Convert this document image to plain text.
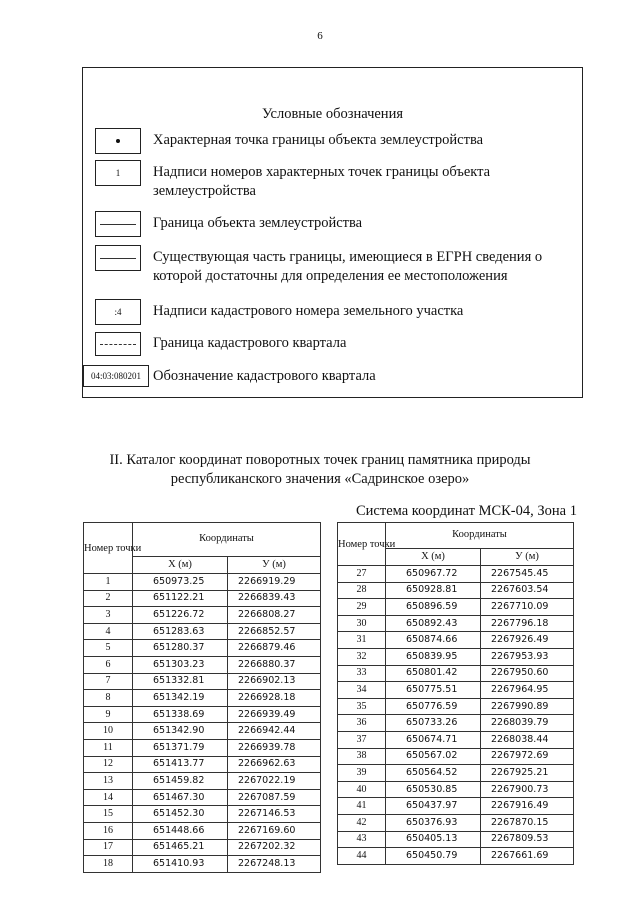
6
Условные обозначения
Характерная точка границы объекта землеустройства
1	Надписи номеров характерных точек границы объекта землеустройства
Граница объекта землеустройства
Существующая часть границы, имеющиеся в ЕГРН сведения о которой достаточны для определения ее местоположения
:4	Надписи кадастрового номера земельного участка
Граница кадастрового квартала
04:03:080201 Обозначение кадастрового квартала
II. Каталог координат поворотных точек границ памятника природы республиканского значения «Садринское озеро»
Система координат МСК-04, Зона 1
Номер точки	Координаты	
	X (м)	У (м)
1	650973.25	2266919.29
2	651122.21	2266839.43
3	651226.72	2266808.27
4	651283.63	2266852.57
5	651280.37	2266879.46
6	651303.23	2266880.37
7	651332.81	2266902.13
8	651342.19	2266928.18
9	651338.69	2266939.49
10	651342.90	2266942.44
11	651371.79	2266939.78
12	651413.77	2266962.63
13	651459.82	2267022.19
14	651467.30	2267087.59
15	651452.30	2267146.53
16	651448.66	2267169.60
17	651465.21	2267202.32
18	651410.93	2267248.13
Номер точки	Координаты	
	X (м)	У (м)
27	650967.72	2267545.45
28	650928.81	2267603.54
29	650896.59	2267710.09
30	650892.43	2267796.18
31	650874.66	2267926.49
32	650839.95	2267953.93
33	650801.42	2267950.60
34	650775.51	2267964.95
35	650776.59	2267990.89
36	650733.26	2268039.79
37	650674.71	2268038.44
38	650567.02	2267972.69
39	650564.52	2267925.21
40	650530.85	2267900.73
41	650437.97	2267916.49
42	650376.93	2267870.15
43	650405.13	2267809.53
44	650450.79	2267661.69
